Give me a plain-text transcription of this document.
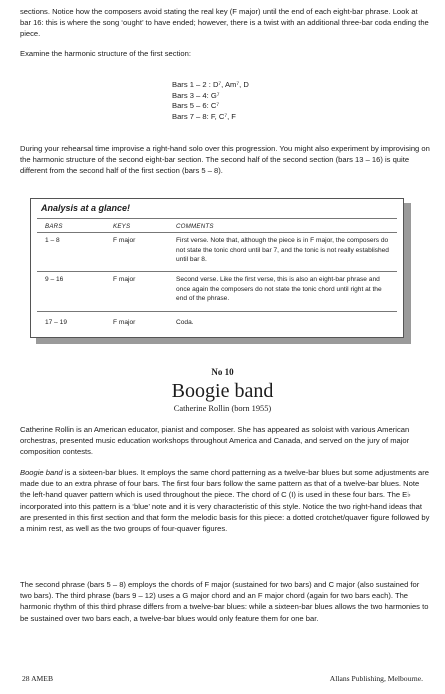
sections. Notice how the composers avoid stating the real key (F major) until the end of each eight-bar phrase. Look at bar 16: this is where the song ‘ought’ to have ended; however, there is a twist with an additional three-bar coda ending the piece.

Examine the harmonic structure of the first section:

Bars 1 – 2 : D⁷, Am⁷, D
Bars 3 – 4: G⁷
Bars 5 – 6: C⁷
Bars 7 – 8: F, C⁷, F

During your rehearsal time improvise a right-hand solo over this progression. You might also experiment by improvising on the harmonic structure of the second eight-bar section. The second half of the second section (bars 13 – 16) is quite different from the second half of the first section (bars 5 – 8).

Analysis at a glance!
BARS	KEYS	COMMENTS
1 – 8	F major	First verse. Note that, although the piece is in F major, the composers do not state the tonic chord until bar 7, and the tonic is not really established until bar 8.
9 – 16	F major	Second verse. Like the first verse, this is also an eight-bar phrase and once again the composers do not state the tonic chord until right at the end of the phrase.
17 – 19	F major	Coda.
No 10
Boogie band
Catherine Rollin (born 1955)

Catherine Rollin is an American educator, pianist and composer. She has appeared as soloist with various American orchestras, presented music education workshops throughout America and Canada, and served on the jury of major composition contests.

Boogie band is a sixteen-bar blues. It employs the same chord patterning as a twelve-bar blues but some adjustments are made due to an extra phrase of four bars. The first four bars follow the same pattern as that of a twelve-bar blues. Note the left-hand quaver pattern which is used throughout the piece. The chord of C (I) is used in these four bars. The E♭ incorporated into this pattern is a ‘blue’ note and it is very characteristic of this style. Notice the two right-hand ideas that are presented in this first section and that form the melodic basis for this piece: a dotted crotchet/quaver figure followed by a minim rest, as well as the two groups of four-quaver figures.

The second phrase (bars 5 – 8) employs the chords of F major (sustained for two bars) and C major (also sustained for two bars). The third phrase (bars 9 – 12) uses a G major chord and an F major chord (again for two bars each). The harmonic rhythm of this third phrase differs from a twelve-bar blues: while a sixteen-bar blues allows the two harmonies to be sustained over two bars each, a twelve-bar blues would only feature them for one bar.

28 AMEB	Allans Publishing, Melbourne.
